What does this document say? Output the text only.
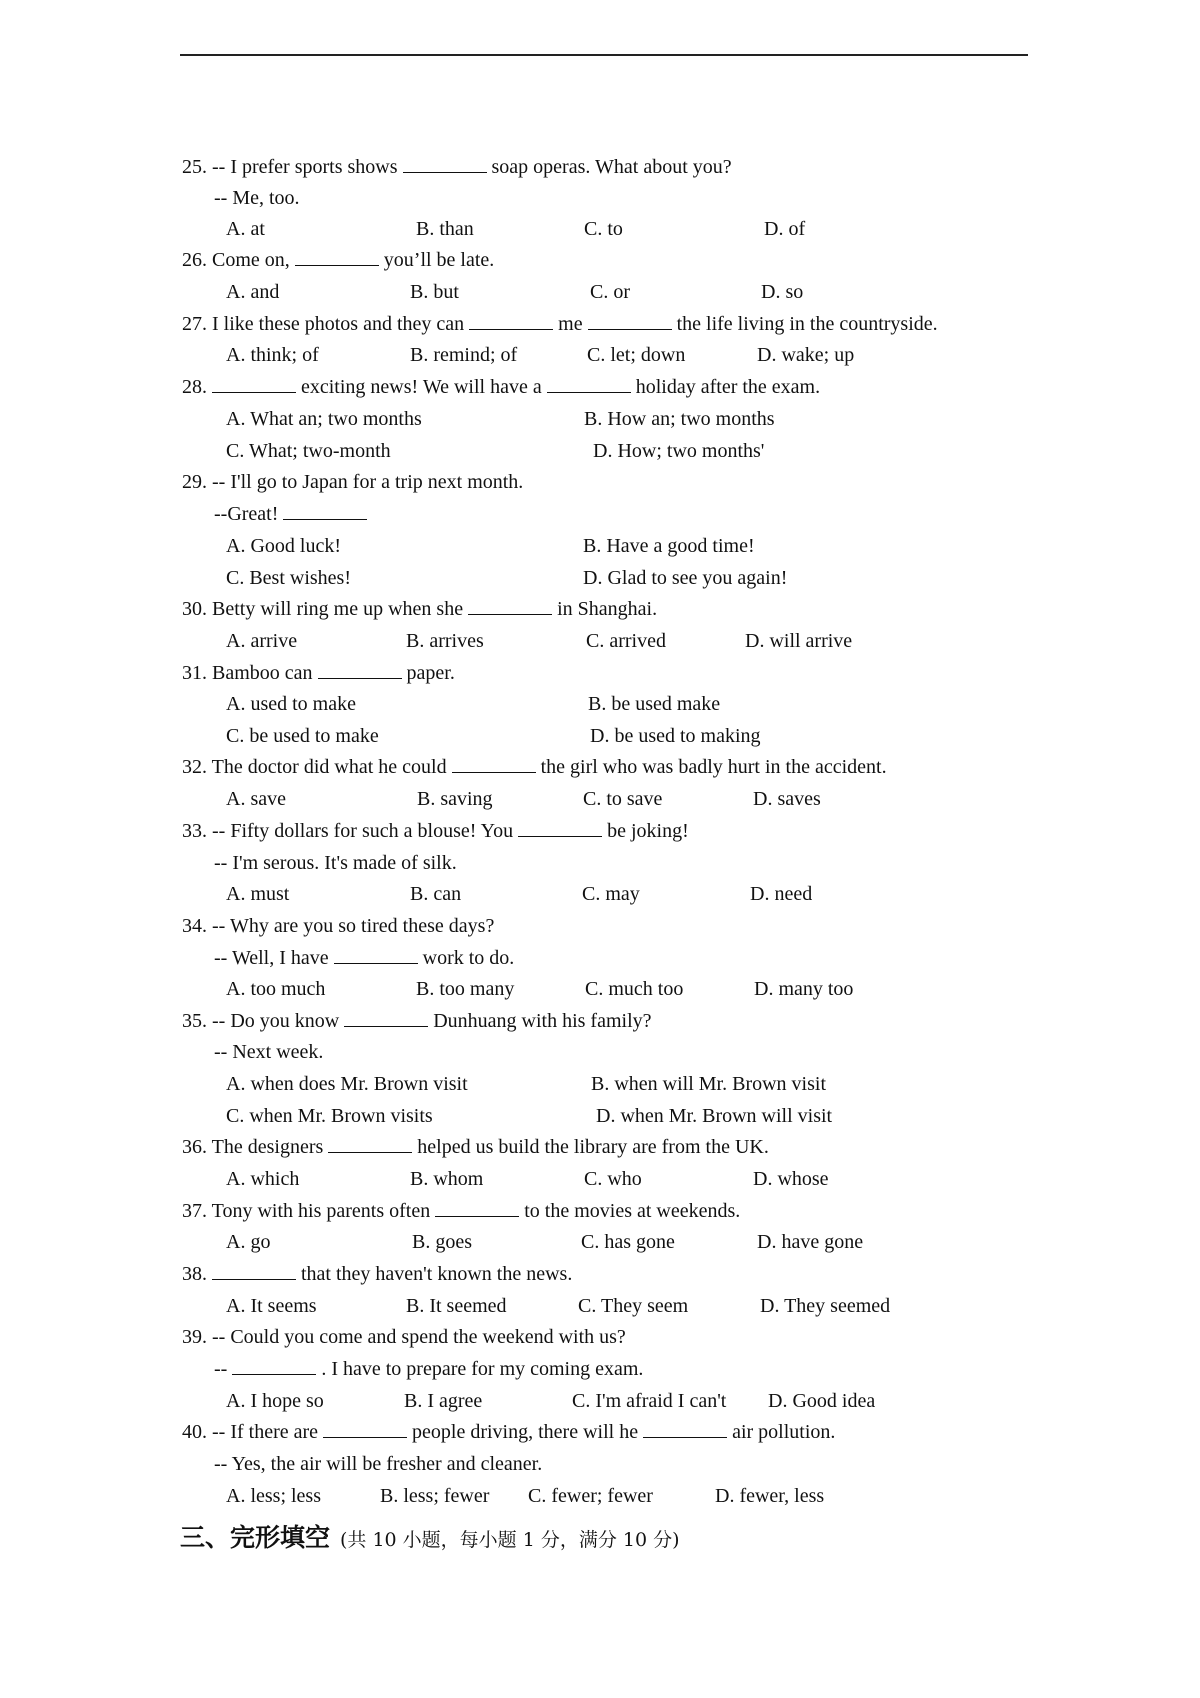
25. -- I prefer sports shows	soap operas. What about you?
-- Me, too.
A. at	B. than	C. to	D. of
26. Come on,	you’ll be late.
A. and	B. but	C. or	D. so
27. I like these photos and they can	me	the life living in the countryside.
A. think; of	B. remind; of	C. let; down	D. wake; up
28.	exciting news! We will have a	holiday after the exam.
A. What an; two months	B. How an; two months
C. What; two-month	D. How; two months'
29. -- I'll go to Japan for a trip next month.
--Great!
A. Good luck!	B. Have a good time!
C. Best wishes!	D. Glad to see you again!
30. Betty will ring me up when she	in Shanghai.
A. arrive	B. arrives	C. arrived	D. will arrive
31. Bamboo can	paper.
A. used to make	B. be used make
C. be used to make	D. be used to making
32. The doctor did what he could	the girl who was badly hurt in the accident.
A. save	B. saving	C. to save	D. saves
33. -- Fifty dollars for such a blouse! You	be joking!
-- I'm serous. It's made of silk.
A. must	B. can	C. may	D. need
34. -- Why are you so tired these days?
-- Well, I have	work to do.
A. too much	B. too many	C. much too	D. many too
35. -- Do you know	Dunhuang with his family?
-- Next week.
A. when does Mr. Brown visit	B. when will Mr. Brown visit
C. when Mr. Brown visits	D. when Mr. Brown will visit
36. The designers	helped us build the library are from the UK.
A. which	B. whom	C. who	D. whose
37. Tony with his parents often	to the movies at weekends.
A. go	B. goes	C. has gone	D. have gone
38.	that they haven't known the news.
A. It seems	B. It seemed	C. They seem	D. They seemed
39. -- Could you come and spend the weekend with us?
--	. I have to prepare for my coming exam.
A. I hope so	B. I agree	C. I'm afraid I can't D. Good idea
40. -- If there are	people driving, there will he	air pollution.
-- Yes, the air will be fresher and cleaner.
A. less; less	B. less; fewer C. fewer; fewer	D. fewer, less
三、完形填空 (共 10 小题，每小题 1 分，满分 10 分)
